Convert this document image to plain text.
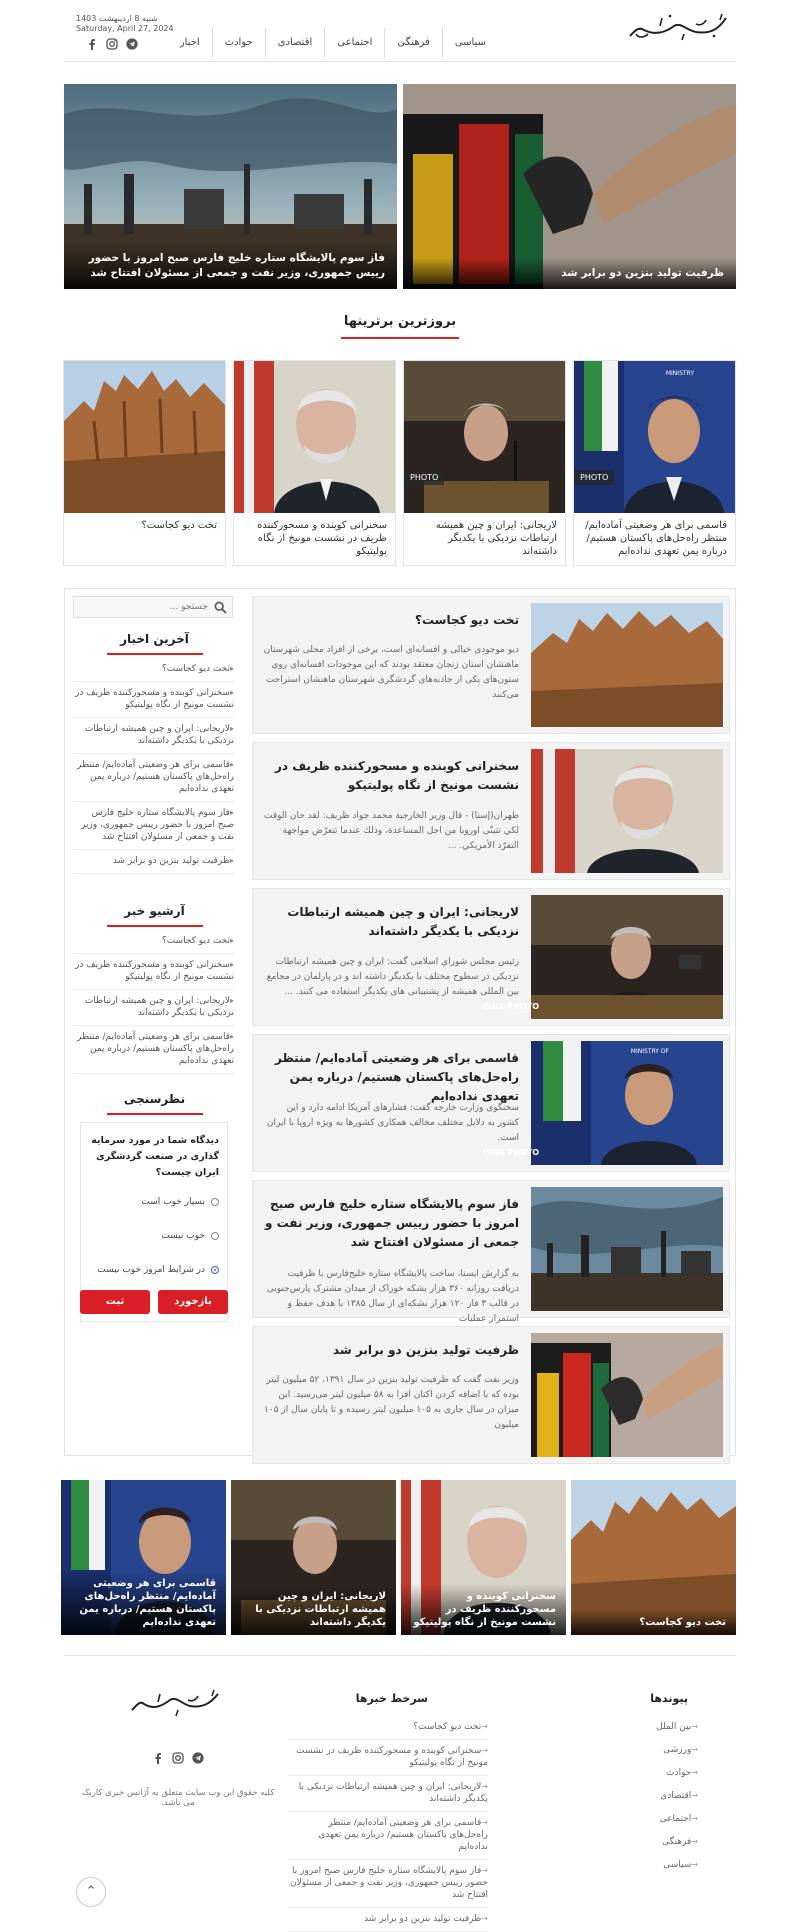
سیاسی
فرهنگی
اجتماعی
اقتصادی
حوادث
اخبار
شنبه 8 اردیبهشت 1403
Saturday, April 27, 2024
ظرفیت تولید بنزین دو برابر شد
فاز سوم پالایشگاه ستاره خلیج فارس صبح امروز با حضور رییس جمهوری، وزیر نفت و جمعی از مسئولان افتتاح شد
بروزترین برترینها
MINISTRY
PHOTO
قاسمی برای هر وضعیتی آماده‌ایم/ منتظر راه‌حل‌های پاکستان هستیم/ درباره یمن تعهدی نداده‌ایم
PHOTO
لاریجانی: ایران و چین همیشه ارتباطات نزدیکی با یکدیگر داشته‌اند
سخنرانی کوبنده و مسحورکننده ظریف در نشست مونیخ از نگاه پولیتیکو
تخت دیو کجاست؟
تخت دیو کجاست؟
دیو موجودی خیالی و افسانه‌ای است، برخی از افراد محلی شهرستان ماهنشان استان زنجان معتقد بودند که این موجودات افسانه‌ای روی ستون‌های یکی از جاذبه‌های گردشگری شهرستان ماهنشان استراحت می‌کنند
سخنرانی کوبنده و مسحورکننده ظریف در نشست مونیخ از نگاه پولیتیکو
طهران(إسنا) - قال وزير الخارجية محمد جواد ظريف: لقد حان الوقت لكي تتبنّى اوروبا من اجل المساعدة، وذلك عندما تتعرّض مواجهة التفرّد الأمريكي. ...
ISNA PHOTO
لاریجانی: ایران و چین همیشه ارتباطات نزدیکی با یکدیگر داشته‌اند
رئیس مجلس شورای اسلامی گفت: ایران و چین همیشه ارتباطات نزدیکی در سطوح مختلف با یکدیگر داشته اند و در پارلمان در مجامع بین المللی همیشه از پشتیبانی های یکدیگر استفاده می کنند. ...
MINISTRY OF
ISNA PHOTO
قاسمی برای هر وضعیتی آماده‌ایم/ منتظر راه‌حل‌های پاکستان هستیم/ درباره یمن تعهدی نداده‌ایم
سخنگوی وزارت خارجه گفت: فشارهای آمریکا ادامه دارد و این کشور به دلایل مختلف مخالف همکاری کشورها به ویژه اروپا با ایران است.
فاز سوم پالایشگاه ستاره خلیج فارس صبح امروز با حضور رییس جمهوری، وزیر نفت و جمعی از مسئولان افتتاح شد
به گزارش ایسنا، ساخت پالایشگاه ستاره خلیج‌فارس با ظرفیت دریافت روزانه ۳۶۰ هزار بشکه خوراک از میدان مشترک پارس‌جنوبی در قالب ۳ فاز ۱۲۰ هزار بشکه‌ای از سال ۱۳۸۵ با هدف حفظ و استمرار عملیات
ظرفیت تولید بنزین دو برابر شد
وزیر نفت گفت که ظرفیت تولید بنزین در سال ۱۳۹۱، ۵۲ میلیون لیتر بوده که با اضافه کردن اکتان افزا به ۵۸ میلیون لیتر می‌رسید. این میزان در سال جاری به ۱۰۵ میلیون لیتر رسیده و تا پایان سال از ۱۰۵ میلیون
جستجو ...
آخرین اخبار
▸ تخت دیو کجاست؟
▸ سخنرانی کوبنده و مسحورکننده ظریف در نشست مونیخ از نگاه پولیتیکو
▸ لاریجانی: ایران و چین همیشه ارتباطات نزدیکی با یکدیگر داشته‌اند
▸ قاسمی برای هر وضعیتی آماده‌ایم/ منتظر راه‌حل‌های پاکستان هستیم/ درباره یمن تعهدی نداده‌ایم
▸ فاز سوم پالایشگاه ستاره خلیج فارس صبح امروز با حضور رییس جمهوری، وزیر نفت و جمعی از مسئولان افتتاح شد
▸ ظرفیت تولید بنزین دو برابر شد
آرشیو خبر
▸ تخت دیو کجاست؟
▸ سخنرانی کوبنده و مسحورکننده ظریف در نشست مونیخ از نگاه پولیتیکو
▸ لاریجانی: ایران و چین همیشه ارتباطات نزدیکی با یکدیگر داشته‌اند
▸ قاسمی برای هر وضعیتی آماده‌ایم/ منتظر راه‌حل‌های پاکستان هستیم/ درباره یمن تعهدی نداده‌ایم
نظرسنجی
دیدگاه شما در مورد سرمایه گذاری در صنعت گردشگری ایران چیست؟
بسیار خوب است
خوب نیست
در شرایط امروز خوب نیست
بازخورد
ثبت
تخت دیو کجاست؟
سخنرانی کوبنده و مسحورکننده ظریف در نشست مونیخ از نگاه پولیتیکو
لاریجانی: ایران و چین همیشه ارتباطات نزدیکی با یکدیگر داشته‌اند
قاسمی برای هر وضعیتی آماده‌ایم/ منتظر راه‌حل‌های پاکستان هستیم/ درباره یمن تعهدی نداده‌ایم
پیوندها
→ بین الملل
→ ورزشی
→ حوادث
→ اقتصادی
→ اجتماعی
→ فرهنگی
→ سیاسی
سرخط خبرها
→ تخت دیو کجاست؟
→ سخنرانی کوبنده و مسحورکننده ظریف در نشست مونیخ از نگاه پولیتیکو
→ لاریجانی: ایران و چین همیشه ارتباطات نزدیکی با یکدیگر داشته‌اند
→ قاسمی برای هر وضعیتی آماده‌ایم/ منتظر راه‌حل‌های پاکستان هستیم/ درباره یمن تعهدی نداده‌ایم
→ فاز سوم پالایشگاه ستاره خلیج فارس صبح امروز با حضور رییس جمهوری، وزیر نفت و جمعی از مسئولان افتتاح شد
→ ظرفیت تولید بنزین دو برابر شد
کلیه حقوق این وب سایت متعلق به آژانس خبری کاریک می باشد.
⌃
